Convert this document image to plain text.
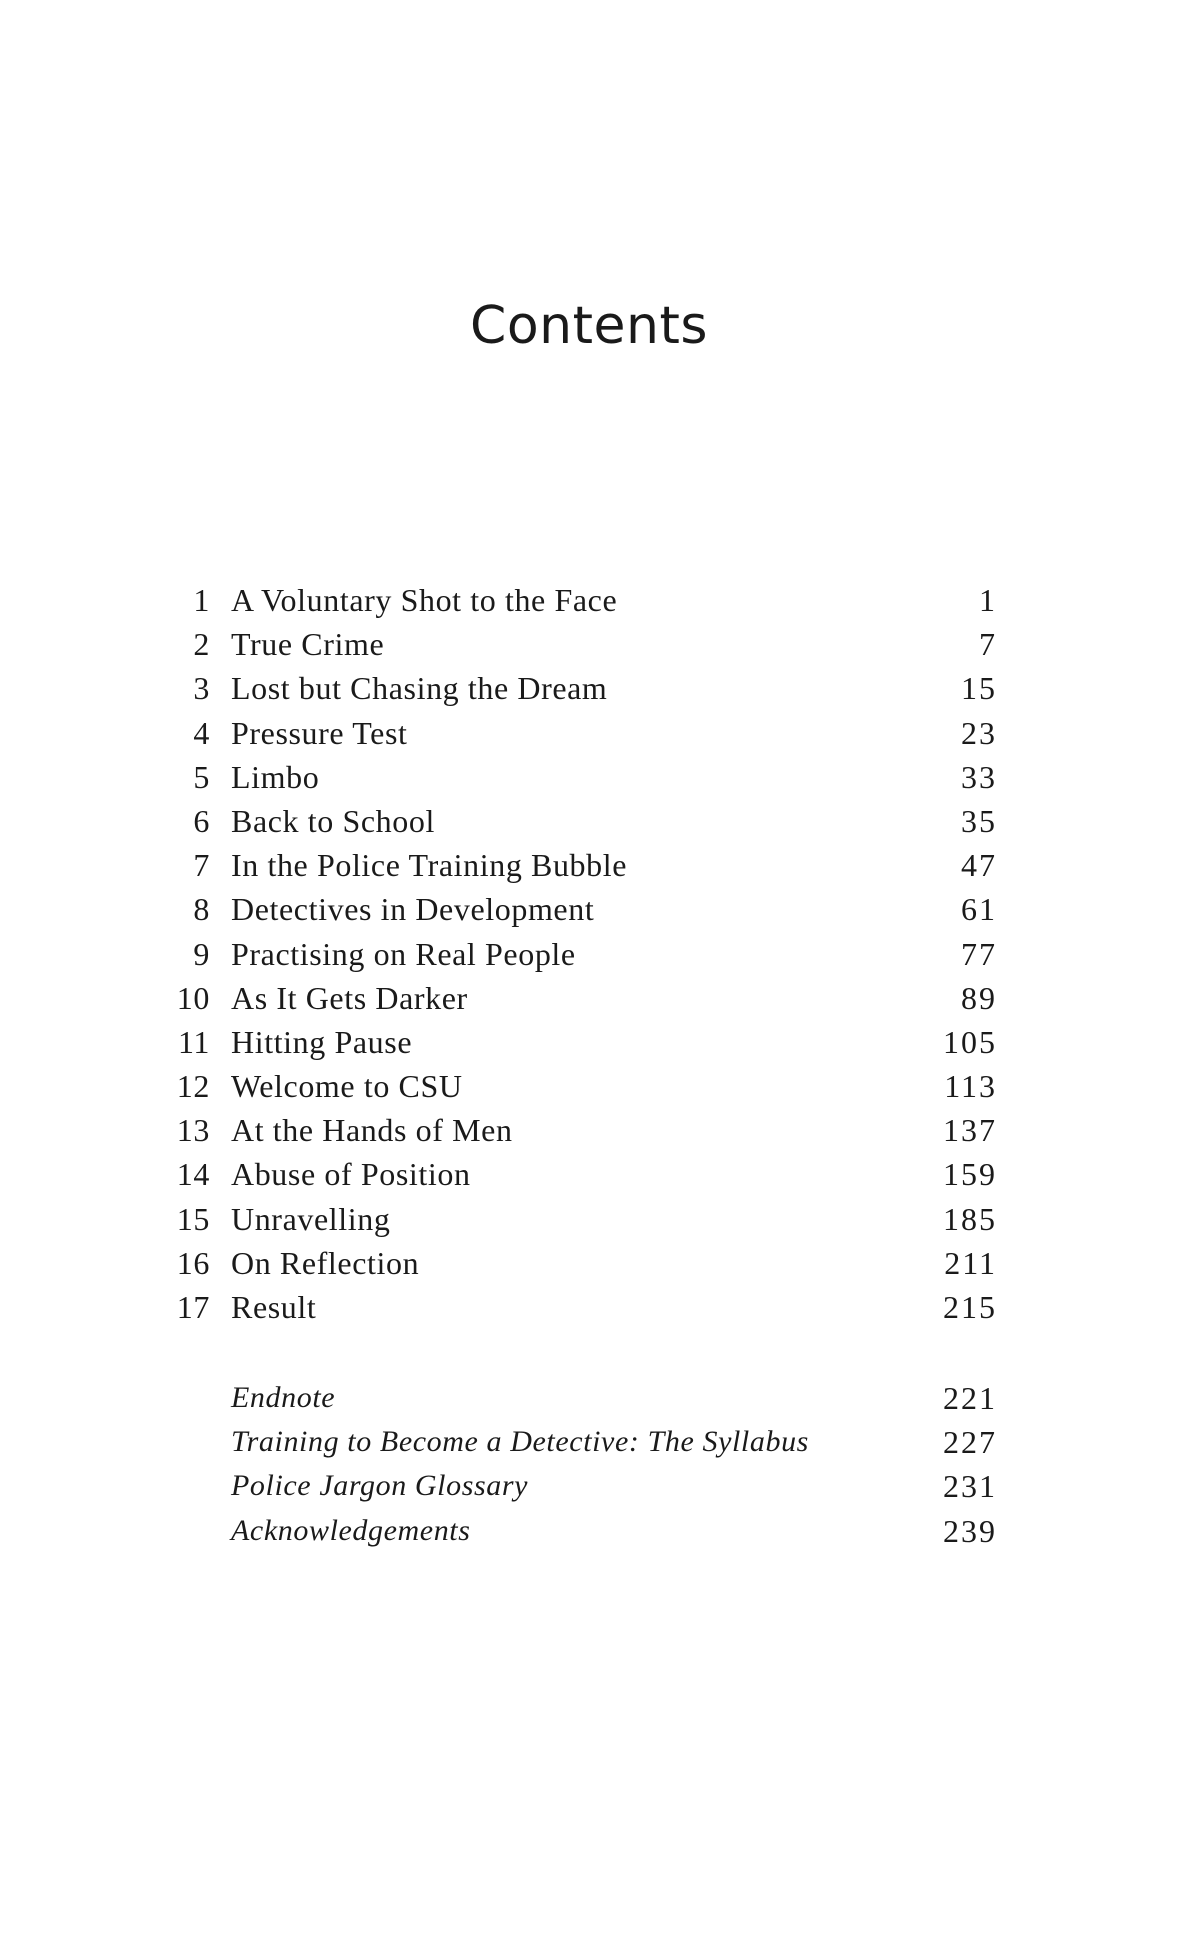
Contents
1 A Voluntary Shot to the Face	1
2 True Crime	7
3 Lost but Chasing the Dream	15
4 Pressure Test	23
5 Limbo	33
6 Back to School	35
7 In the Police Training Bubble	47
8 Detectives in Development	61
9 Practising on Real People	77
10 As It Gets Darker	89
11 Hitting Pause	105
12 Welcome to CSU	113
13 At the Hands of Men	137
14 Abuse of Position	159
15 Unravelling	185
16 On Reflection	211
17 Result	215
Endnote	221
Training to Become a Detective: The Syllabus	227
Police Jargon Glossary	231
Acknowledgements	239
